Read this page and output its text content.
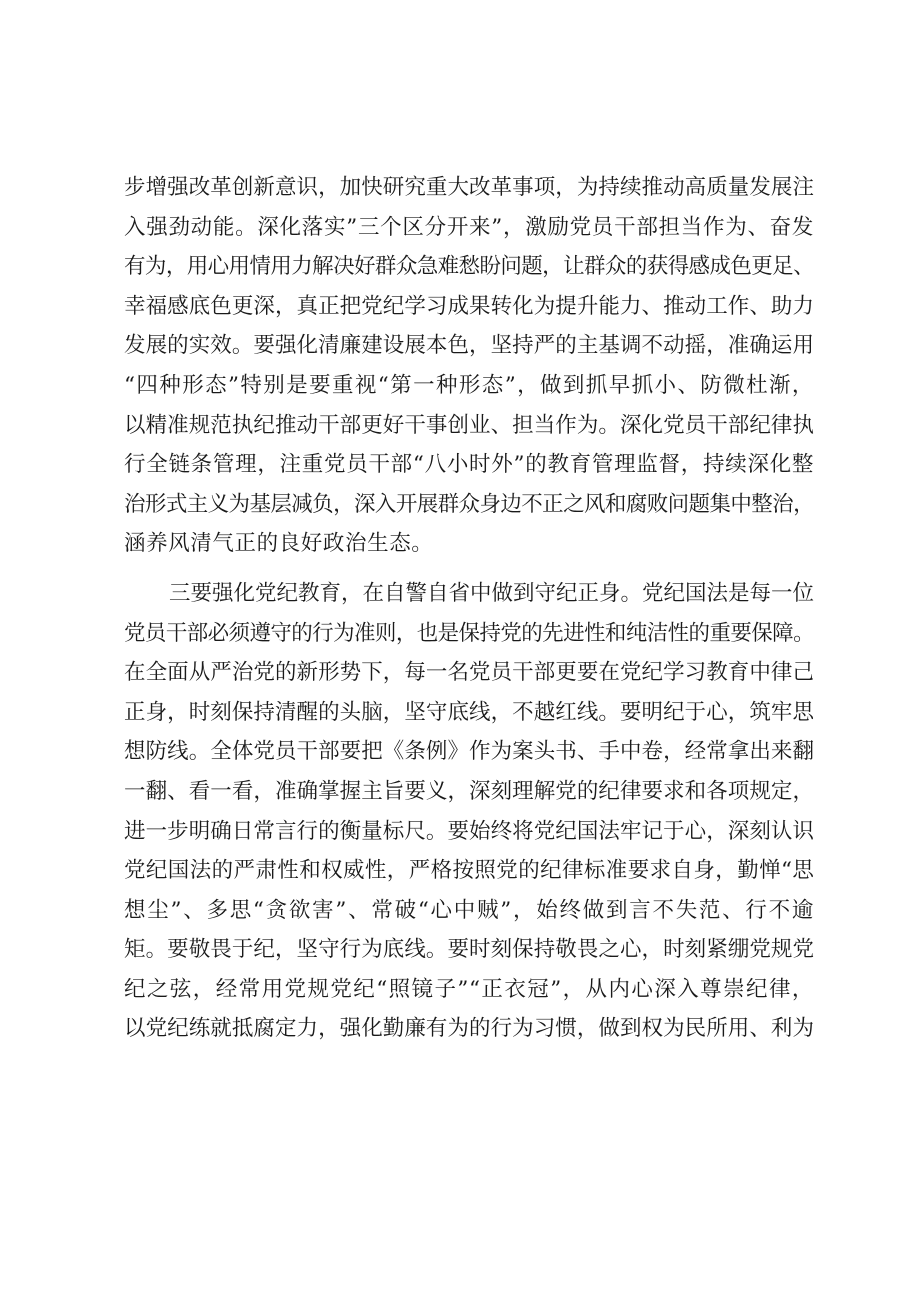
步增强改革创新意识，加快研究重大改革事项，为持续推动高质量发展注
入强劲动能。深化落实”三个区分开来”，激励党员干部担当作为、奋发
有为，用心用情用力解决好群众急难愁盼问题，让群众的获得感成色更足、
幸福感底色更深，真正把党纪学习成果转化为提升能力、推动工作、助力
发展的实效。要强化清廉建设展本色，坚持严的主基调不动摇，准确运用
“四种形态”特别是要重视“第一种形态”，做到抓早抓小、防微杜渐，
以精准规范执纪推动干部更好干事创业、担当作为。深化党员干部纪律执
行全链条管理，注重党员干部“八小时外”的教育管理监督，持续深化整
治形式主义为基层减负，深入开展群众身边不正之风和腐败问题集中整治，
涵养风清气正的良好政治生态。
三要强化党纪教育，在自警自省中做到守纪正身。党纪国法是每一位
党员干部必须遵守的行为准则，也是保持党的先进性和纯洁性的重要保障。
在全面从严治党的新形势下，每一名党员干部更要在党纪学习教育中律己
正身，时刻保持清醒的头脑，坚守底线，不越红线。要明纪于心，筑牢思
想防线。全体党员干部要把《条例》作为案头书、手中卷，经常拿出来翻
一翻、看一看，准确掌握主旨要义，深刻理解党的纪律要求和各项规定，
进一步明确日常言行的衡量标尺。要始终将党纪国法牢记于心，深刻认识
党纪国法的严肃性和权威性，严格按照党的纪律标准要求自身，勤惮“思
想尘”、多思“贪欲害”、常破“心中贼”，始终做到言不失范、行不逾
矩。要敬畏于纪，坚守行为底线。要时刻保持敬畏之心，时刻紧绷党规党
纪之弦，经常用党规党纪“照镜子”“正衣冠”，从内心深入尊崇纪律，
以党纪练就抵腐定力，强化勤廉有为的行为习惯，做到权为民所用、利为
